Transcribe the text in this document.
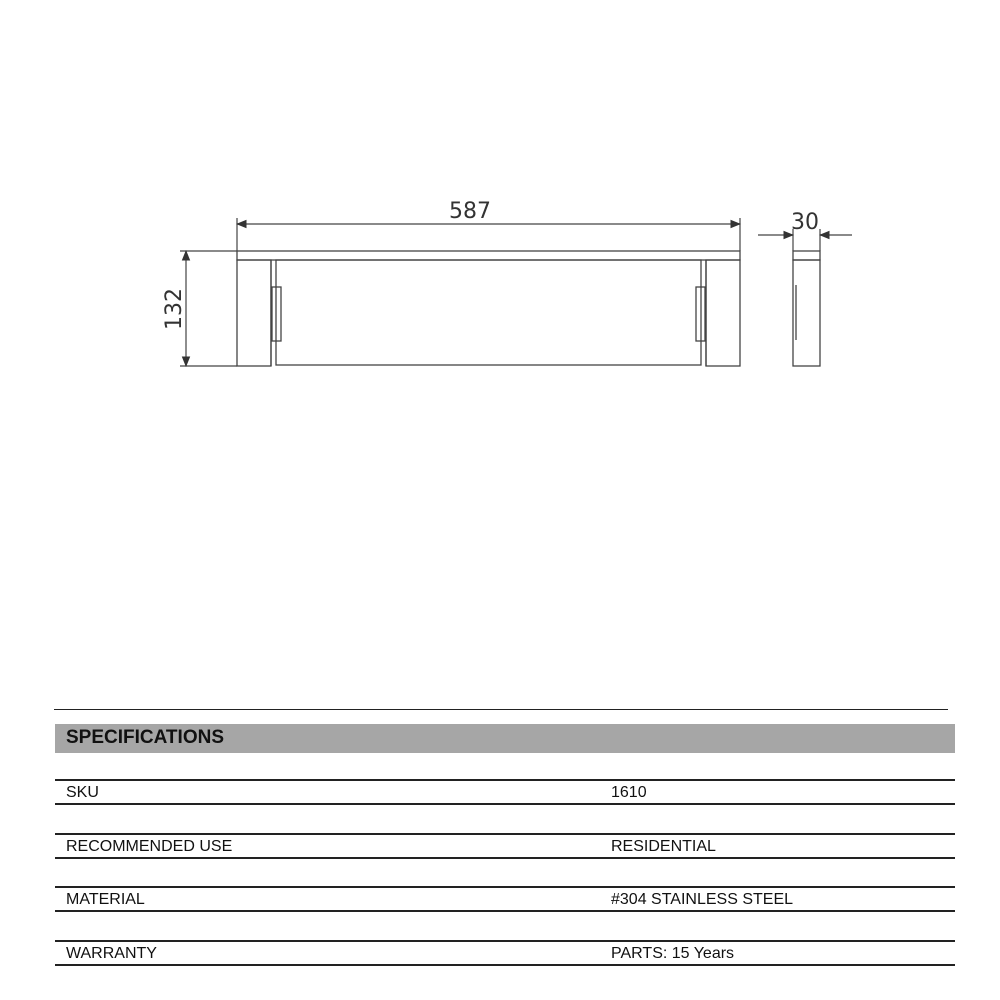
587
132
30
SPECIFICATIONS
SKU	1610
RECOMMENDED USE	RESIDENTIAL
MATERIAL	#304 STAINLESS STEEL
WARRANTY	PARTS: 15 Years
